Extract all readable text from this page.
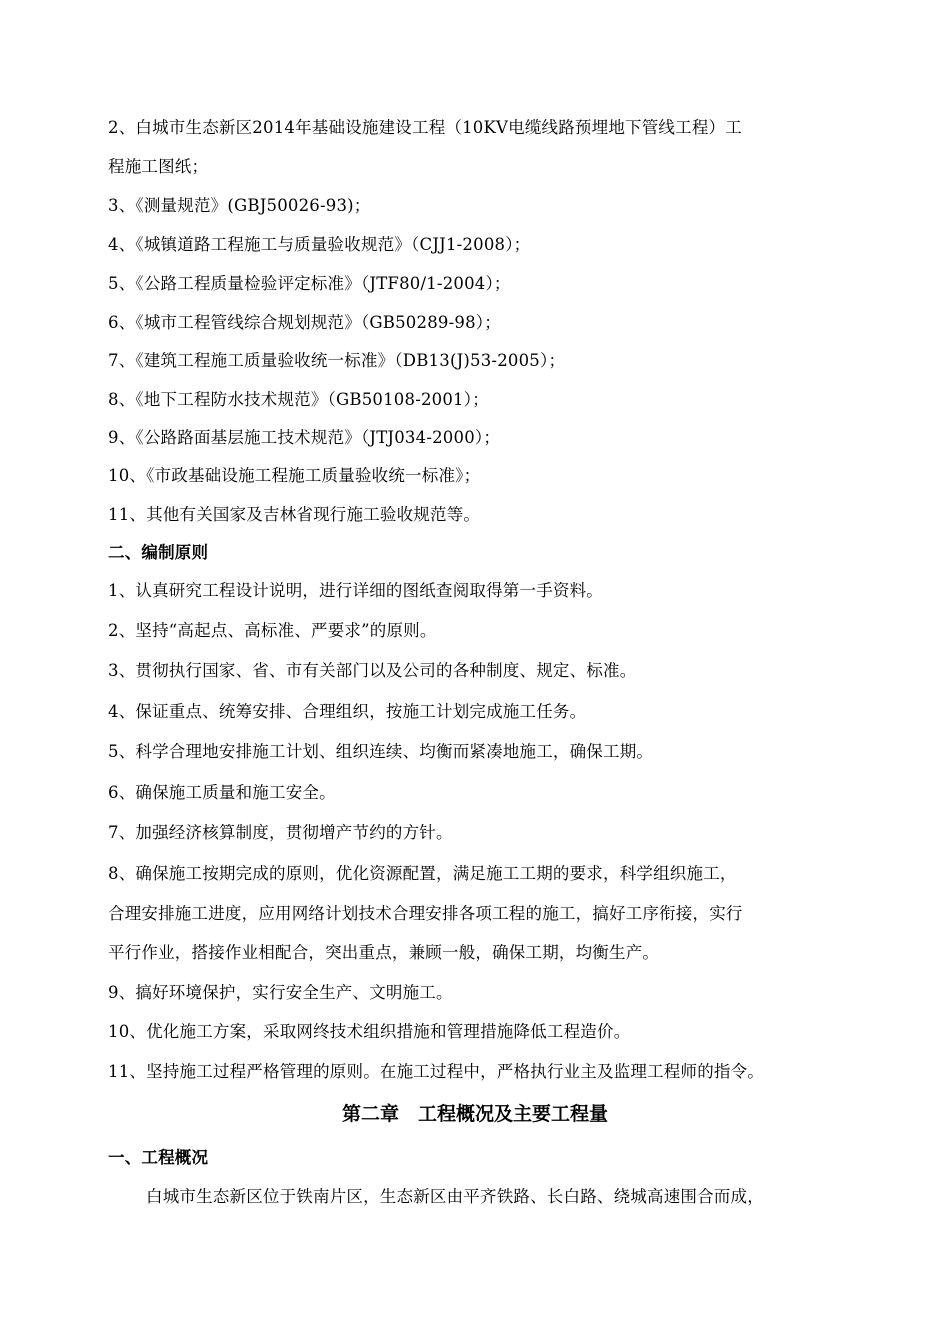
2、白城市生态新区2014年基础设施建设工程（10KV电缆线路预埋地下管线工程）工
程施工图纸；
3、《测量规范》(GBJ50026-93)；
4、《城镇道路工程施工与质量验收规范》（CJJ1-2008）；
5、《公路工程质量检验评定标准》（JTF80/1-2004）；
6、《城市工程管线综合规划规范》（GB50289-98）；
7、《建筑工程施工质量验收统一标准》（DB13(J)53-2005）；
8、《地下工程防水技术规范》（GB50108-2001）；
9、《公路路面基层施工技术规范》（JTJ034-2000）；
10、《市政基础设施工程施工质量验收统一标准》；
11、其他有关国家及吉林省现行施工验收规范等。
二、编制原则
1、认真研究工程设计说明，进行详细的图纸查阅取得第一手资料。
2、坚持“高起点、高标准、严要求”的原则。
3、贯彻执行国家、省、市有关部门以及公司的各种制度、规定、标准。
4、保证重点、统筹安排、合理组织，按施工计划完成施工任务。
5、科学合理地安排施工计划、组织连续、均衡而紧凑地施工，确保工期。
6、确保施工质量和施工安全。
7、加强经济核算制度，贯彻增产节约的方针。
8、确保施工按期完成的原则，优化资源配置，满足施工工期的要求，科学组织施工，
合理安排施工进度，应用网络计划技术合理安排各项工程的施工，搞好工序衔接，实行
平行作业，搭接作业相配合，突出重点，兼顾一般，确保工期，均衡生产。
9、搞好环境保护，实行安全生产、文明施工。
10、优化施工方案，采取网终技术组织措施和管理措施降低工程造价。
11、坚持施工过程严格管理的原则。在施工过程中，严格执行业主及监理工程师的指令。
第二章　工程概况及主要工程量
一、工程概况
白城市生态新区位于铁南片区，生态新区由平齐铁路、长白路、绕城高速围合而成，
